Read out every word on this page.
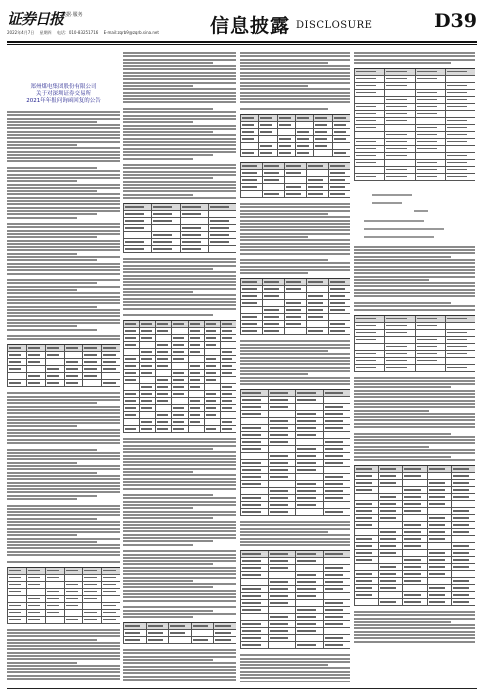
证券日报
数据·服务
2022年4月7日 星期四 电话：010-83251716 E-mail:zqrb9@zqrb.sina.net	信息披露 DISCLOSURE	D39
郑州煤电集团股份有限公司
关于对深圳证券交易所
2021年年报问询函回复的公告
